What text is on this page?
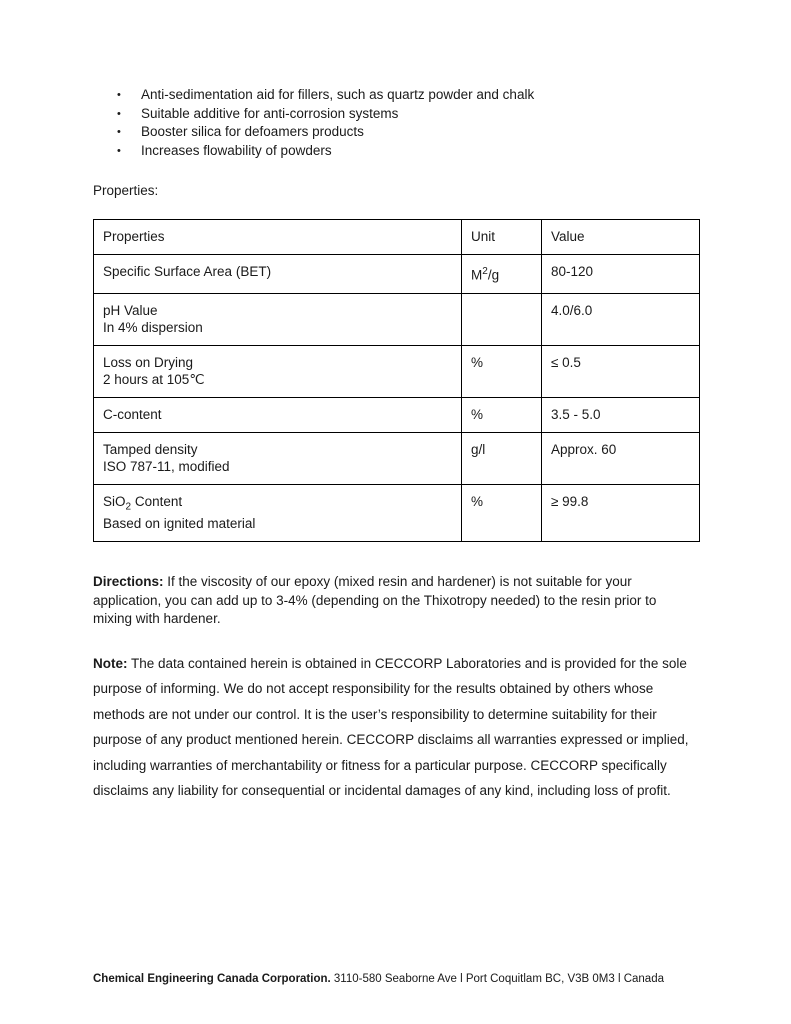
• Anti-sedimentation aid for fillers, such as quartz powder and chalk
• Suitable additive for anti-corrosion systems
• Booster silica for defoamers products
• Increases flowability of powders
Properties:
Properties	Unit	Value

Specific Surface Area (BET)	$M^2/g$	80-120

pH Value
In 4% dispersion		4.0/6.0

Loss on Drying
2 hours at 105℃	%	≤ 0.5

C-content	%	3.5 - 5.0

Tamped density
ISO 787-11, modified	g/l	Approx. 60

SiO$_2$ Content
Based on ignited material	%	≥ 99.8

Directions: If the viscosity of our epoxy (mixed resin and hardener) is not suitable for your application, you can add up to 3-4% (depending on the Thixotropy needed) to the resin prior to mixing with hardener.

Note: The data contained herein is obtained in CECCORP Laboratories and is provided for the sole purpose of informing. We do not accept responsibility for the results obtained by others whose methods are not under our control. It is the user’s responsibility to determine suitability for their purpose of any product mentioned herein. CECCORP disclaims all warranties expressed or implied, including warranties of merchantability or fitness for a particular purpose. CECCORP specifically disclaims any liability for consequential or incidental damages of any kind, including loss of profit.

Chemical Engineering Canada Corporation. 3110-580 Seaborne Ave l Port Coquitlam BC, V3B 0M3 l Canada
